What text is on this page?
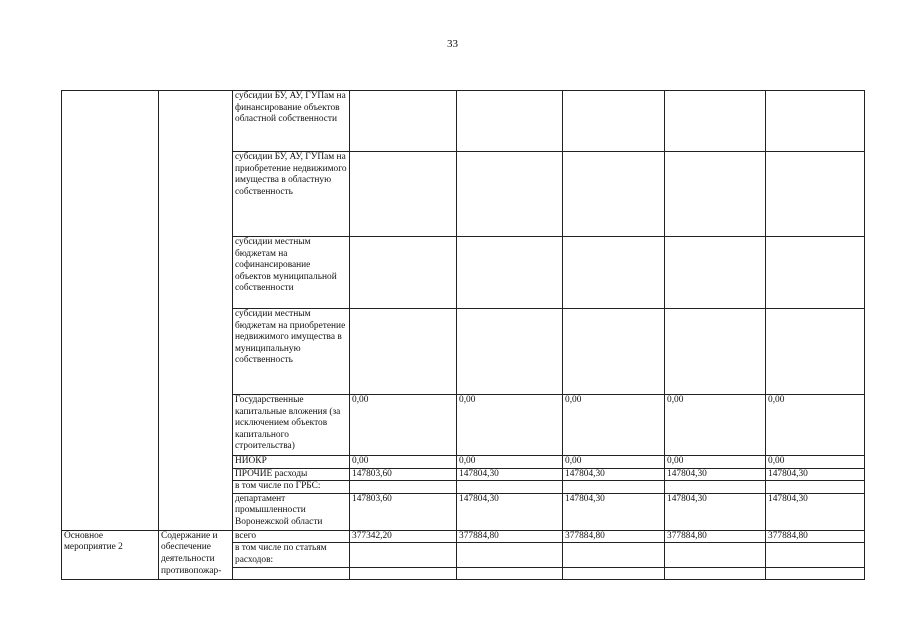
33
		субсидии БУ, АУ, ГУПам на финансирование объектов областной собственности					
		субсидии БУ, АУ, ГУПам на приобретение недвижимого имущества в областную собственность					
		субсидии местным бюджетам на софинансирование объектов муниципальной собственности					
		субсидии местным бюджетам на приобретение недвижимого имущества в муниципальную собственность					
		Государственные капитальные вложения (за исключением объектов капитального строительства)	0,00	0,00	0,00	0,00	0,00
		НИОКР	0,00	0,00	0,00	0,00	0,00
		ПРОЧИЕ расходы	147803,60	147804,30	147804,30	147804,30	147804,30
		в том числе по ГРБС:					
		департамент промышленности Воронежской области	147803,60	147804,30	147804,30	147804,30	147804,30
Основное мероприятие 2	Содержание и обеспечение деятельности противопожар-	всего	377342,20	377884,80	377884,80	377884,80	377884,80
		в том числе по статьям расходов:					
